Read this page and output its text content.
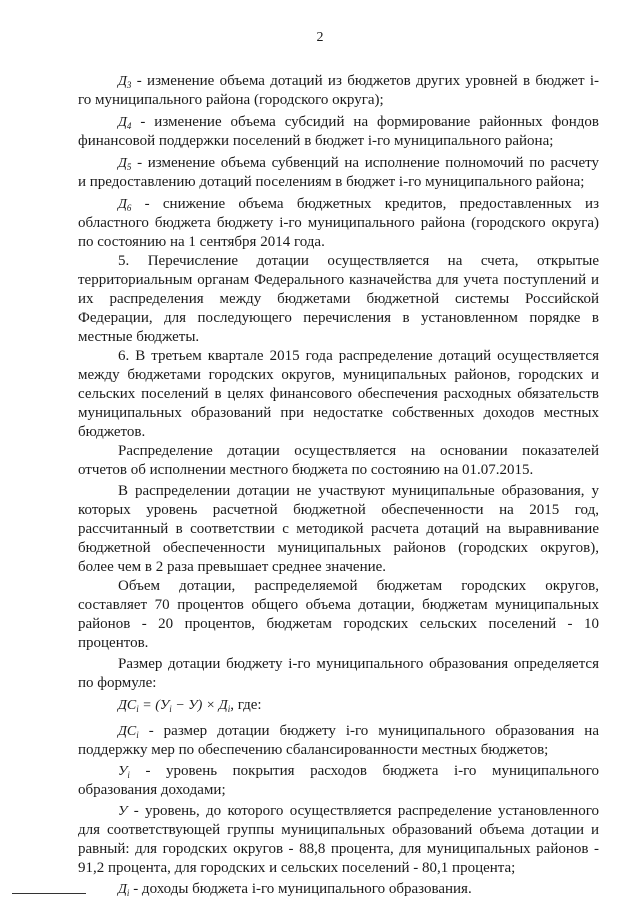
2
$Д_3$ - изменение объема дотаций из бюджетов других уровней в бюджет i-
го муниципального района (городского округа);
$Д_4$ - изменение объема субсидий на формирование районных фондов
финансовой поддержки поселений в бюджет i-го муниципального района;
$Д_5$ - изменение объема субвенций на исполнение полномочий по расчету
и предоставлению дотаций поселениям в бюджет i-го муниципального района;
$Д_6$ - снижение объема бюджетных кредитов, предоставленных из
областного бюджета бюджету i-го муниципального района (городского округа)
по состоянию на 1 сентября 2014 года.
5. Перечисление дотации осуществляется на счета, открытые
территориальным органам Федерального казначейства для учета поступлений и
их распределения между бюджетами бюджетной системы Российской
Федерации, для последующего перечисления в установленном порядке в
местные бюджеты.
6. В третьем квартале 2015 года распределение дотаций осуществляется
между бюджетами городских округов, муниципальных районов, городских и
сельских поселений в целях финансового обеспечения расходных обязательств
муниципальных образований при недостатке собственных доходов местных
бюджетов.
Распределение дотации осуществляется на основании показателей
отчетов об исполнении местного бюджета по состоянию на 01.07.2015.
В распределении дотации не участвуют муниципальные образования, у
которых уровень расчетной бюджетной обеспеченности на 2015 год,
рассчитанный в соответствии с методикой расчета дотаций на выравнивание
бюджетной обеспеченности муниципальных районов (городских округов),
более чем в 2 раза превышает среднее значение.
Объем дотации, распределяемой бюджетам городских округов,
составляет 70 процентов общего объема дотации, бюджетам муниципальных
районов - 20 процентов, бюджетам городских сельских поселений - 10
процентов.
Размер дотации бюджету i-го муниципального образования определяется
по формуле:
$ДС_i = (У_i - У) \times Д_i$, где:
$ДС_i$ - размер дотации бюджету i-го муниципального образования на
поддержку мер по обеспечению сбалансированности местных бюджетов;
$У_i$ - уровень покрытия расходов бюджета i-го муниципального
образования доходами;
У - уровень, до которого осуществляется распределение установленного
для соответствующей группы муниципальных образований объема дотации и
равный: для городских округов - 88,8 процента, для муниципальных районов -
91,2 процента, для городских и сельских поселений - 80,1 процента;
$Д_i$ - доходы бюджета i-го муниципального образования.
